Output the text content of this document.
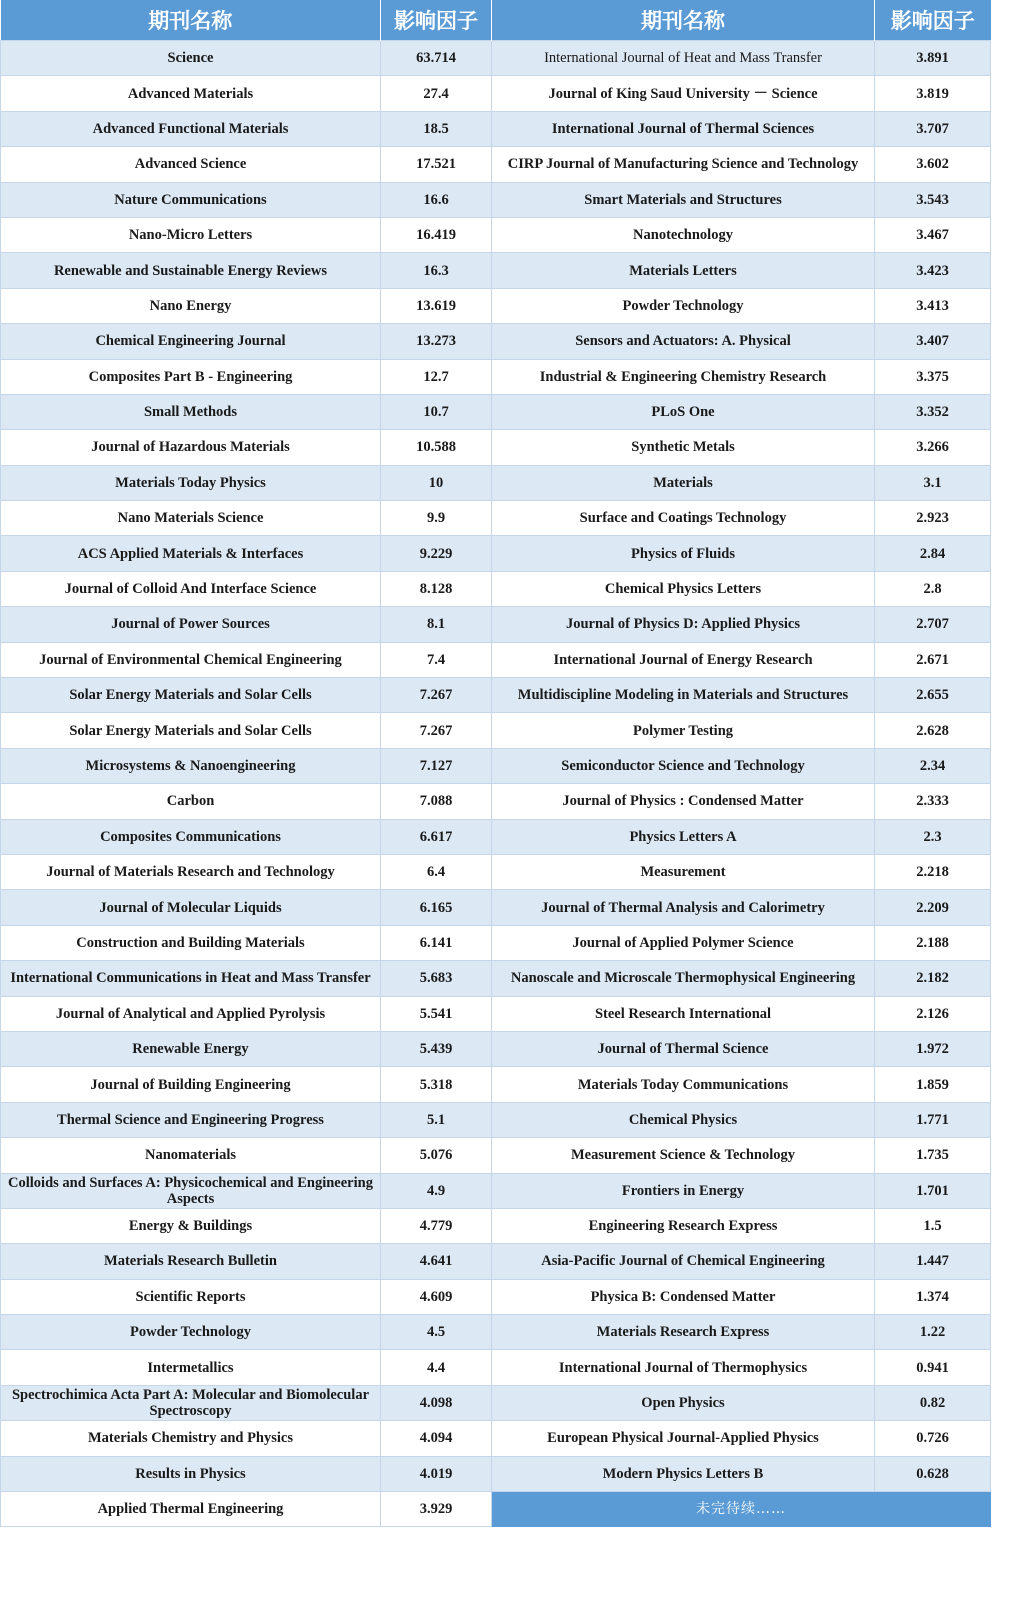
期刊名称	影响因子	期刊名称	影响因子
Science	63.714	International Journal of Heat and Mass Transfer	3.891
Advanced Materials	27.4	Journal of King Saud University － Science	3.819
Advanced Functional Materials	18.5	International Journal of Thermal Sciences	3.707
Advanced Science	17.521	CIRP Journal of Manufacturing Science and Technology	3.602
Nature Communications	16.6	Smart Materials and Structures	3.543
Nano-Micro Letters	16.419	Nanotechnology	3.467
Renewable and Sustainable Energy Reviews	16.3	Materials Letters	3.423
Nano Energy	13.619	Powder Technology	3.413
Chemical Engineering Journal	13.273	Sensors and Actuators: A. Physical	3.407
Composites Part B - Engineering	12.7	Industrial & Engineering Chemistry Research	3.375
Small Methods	10.7	PLoS One	3.352
Journal of Hazardous Materials	10.588	Synthetic Metals	3.266
Materials Today Physics	10	Materials	3.1
Nano Materials Science	9.9	Surface and Coatings Technology	2.923
ACS Applied Materials & Interfaces	9.229	Physics of Fluids	2.84
Journal of Colloid And Interface Science	8.128	Chemical Physics Letters	2.8
Journal of Power Sources	8.1	Journal of Physics D: Applied Physics	2.707
Journal of Environmental Chemical Engineering	7.4	International Journal of Energy Research	2.671
Solar Energy Materials and Solar Cells	7.267	Multidiscipline Modeling in Materials and Structures	2.655
Solar Energy Materials and Solar Cells	7.267	Polymer Testing	2.628
Microsystems & Nanoengineering	7.127	Semiconductor Science and Technology	2.34
Carbon	7.088	Journal of Physics : Condensed Matter	2.333
Composites Communications	6.617	Physics Letters A	2.3
Journal of Materials Research and Technology	6.4	Measurement	2.218
Journal of Molecular Liquids	6.165	Journal of Thermal Analysis and Calorimetry	2.209
Construction and Building Materials	6.141	Journal of Applied Polymer Science	2.188
International Communications in Heat and Mass Transfer	5.683	Nanoscale and Microscale Thermophysical Engineering	2.182
Journal of Analytical and Applied Pyrolysis	5.541	Steel Research International	2.126
Renewable Energy	5.439	Journal of Thermal Science	1.972
Journal of Building Engineering	5.318	Materials Today Communications	1.859
Thermal Science and Engineering Progress	5.1	Chemical Physics	1.771
Nanomaterials	5.076	Measurement Science & Technology	1.735
Colloids and Surfaces A: Physicochemical and Engineering Aspects	4.9	Frontiers in Energy	1.701
Energy & Buildings	4.779	Engineering Research Express	1.5
Materials Research Bulletin	4.641	Asia-Pacific Journal of Chemical Engineering	1.447
Scientific Reports	4.609	Physica B: Condensed Matter	1.374
Powder Technology	4.5	Materials Research Express	1.22
Intermetallics	4.4	International Journal of Thermophysics	0.941
Spectrochimica Acta Part A: Molecular and Biomolecular Spectroscopy	4.098	Open Physics	0.82
Materials Chemistry and Physics	4.094	European Physical Journal-Applied Physics	0.726
Results in Physics	4.019	Modern Physics Letters B	0.628
Applied Thermal Engineering	3.929	未完待续……	
